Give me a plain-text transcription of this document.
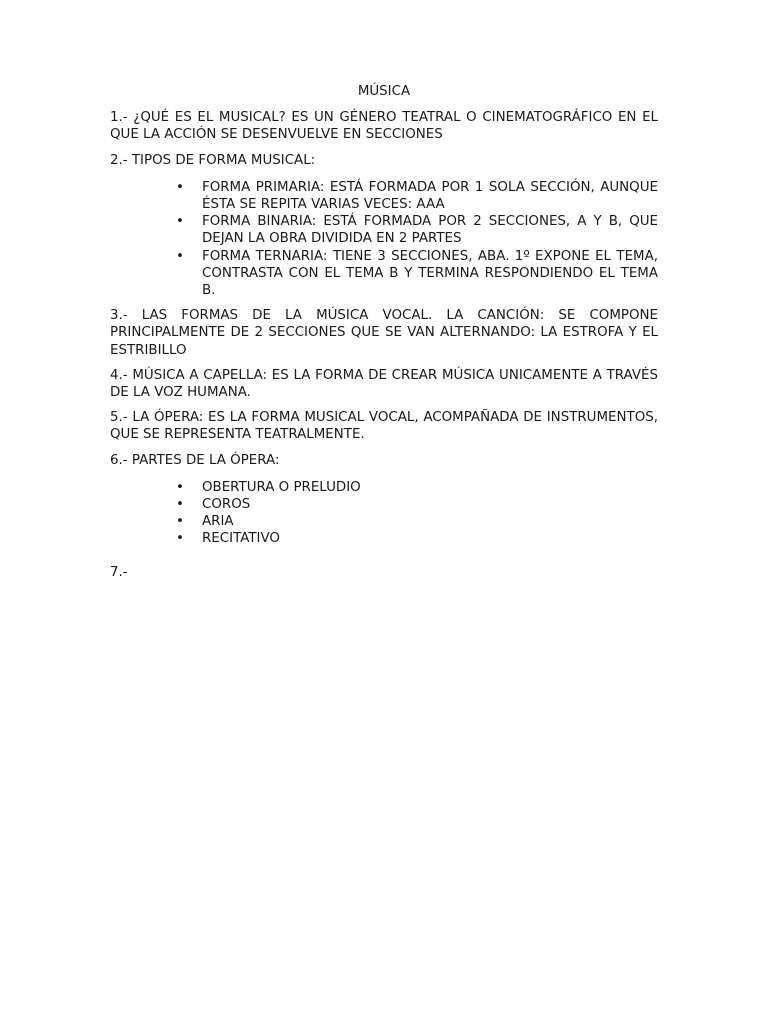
MÚSICA

1.- ¿QUÉ ES EL MUSICAL? ES UN GÉNERO TEATRAL O CINEMATOGRÁFICO EN EL QUE LA ACCIÓN SE DESENVUELVE EN SECCIONES

2.- TIPOS DE FORMA MUSICAL:

• FORMA PRIMARIA: ESTÁ FORMADA POR 1 SOLA SECCIÓN, AUNQUE ÉSTA SE REPITA VARIAS VECES: AAA
• FORMA BINARIA: ESTÁ FORMADA POR 2 SECCIONES, A Y B, QUE DEJAN LA OBRA DIVIDIDA EN 2 PARTES
• FORMA TERNARIA: TIENE 3 SECCIONES, ABA. 1º EXPONE EL TEMA, CONTRASTA CON EL TEMA B Y TERMINA RESPONDIENDO EL TEMA B.

3.- LAS FORMAS DE LA MÚSICA VOCAL. LA CANCIÓN: SE COMPONE PRINCIPALMENTE DE 2 SECCIONES QUE SE VAN ALTERNANDO: LA ESTROFA Y EL ESTRIBILLO

4.- MÚSICA A CAPELLA: ES LA FORMA DE CREAR MÚSICA UNICAMENTE A TRAVÉS DE LA VOZ HUMANA.

5.- LA ÓPERA: ES LA FORMA MUSICAL VOCAL, ACOMPAÑADA DE INSTRUMENTOS, QUE SE REPRESENTA TEATRALMENTE.

6.- PARTES DE LA ÓPERA:

• OBERTURA O PRELUDIO
• COROS
• ARIA
• RECITATIVO

7.-
